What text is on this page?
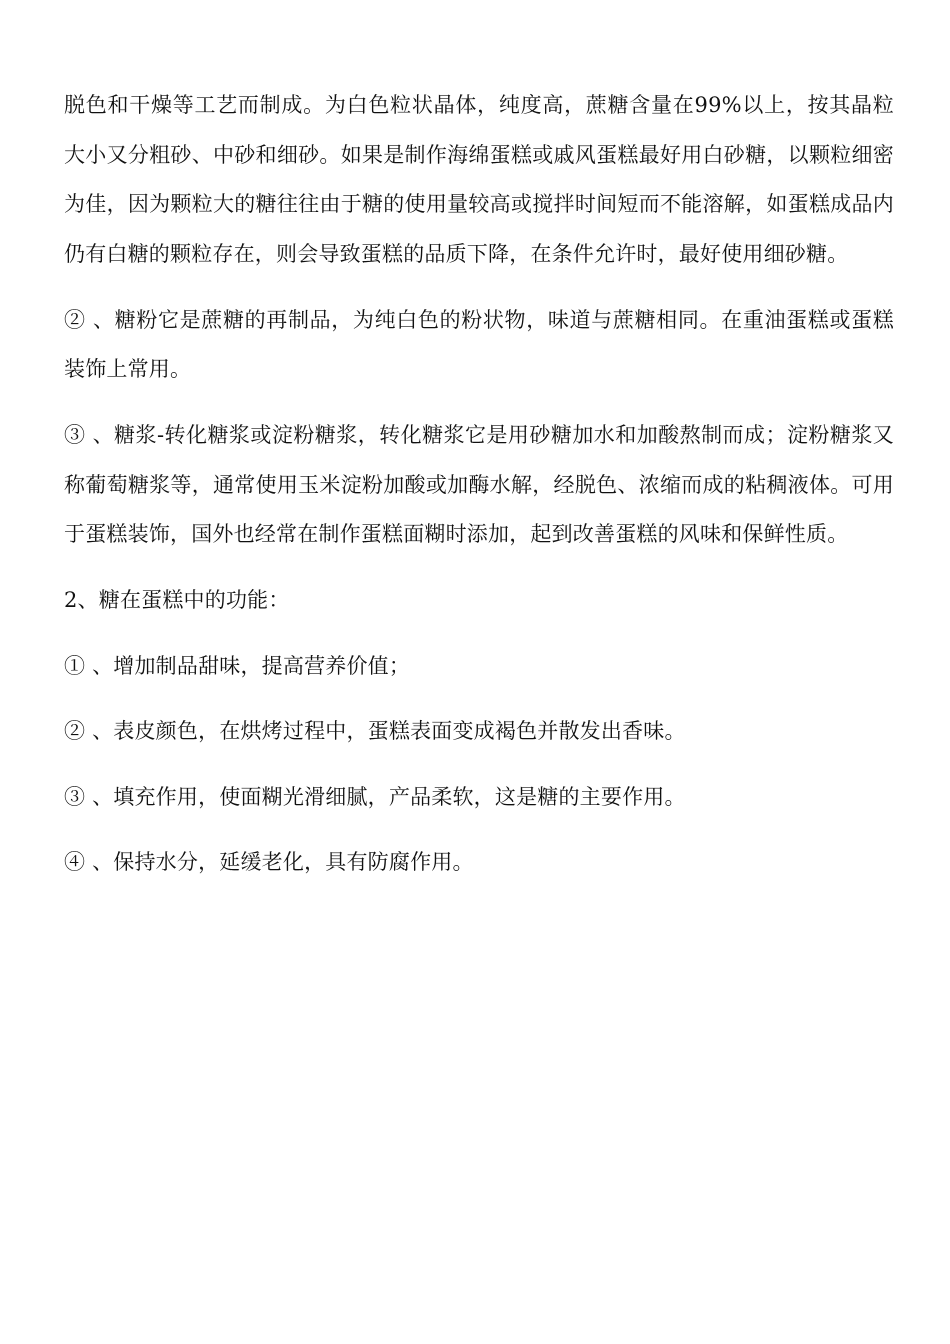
脱色和干燥等工艺而制成。为白色粒状晶体，纯度高，蔗糖含量在99%以上，按其晶粒大小又分粗砂、中砂和细砂。如果是制作海绵蛋糕或戚风蛋糕最好用白砂糖，以颗粒细密为佳，因为颗粒大的糖往往由于糖的使用量较高或搅拌时间短而不能溶解，如蛋糕成品内仍有白糖的颗粒存在，则会导致蛋糕的品质下降，在条件允许时，最好使用细砂糖。

② 、糖粉它是蔗糖的再制品，为纯白色的粉状物，味道与蔗糖相同。在重油蛋糕或蛋糕装饰上常用。

③ 、糖浆-转化糖浆或淀粉糖浆，转化糖浆它是用砂糖加水和加酸熬制而成；淀粉糖浆又称葡萄糖浆等，通常使用玉米淀粉加酸或加酶水解，经脱色、浓缩而成的粘稠液体。可用于蛋糕装饰，国外也经常在制作蛋糕面糊时添加，起到改善蛋糕的风味和保鲜性质。

2、糖在蛋糕中的功能：

① 、增加制品甜味，提高营养价值；

② 、表皮颜色，在烘烤过程中，蛋糕表面变成褐色并散发出香味。

③ 、填充作用，使面糊光滑细腻，产品柔软，这是糖的主要作用。

④ 、保持水分，延缓老化，具有防腐作用。
